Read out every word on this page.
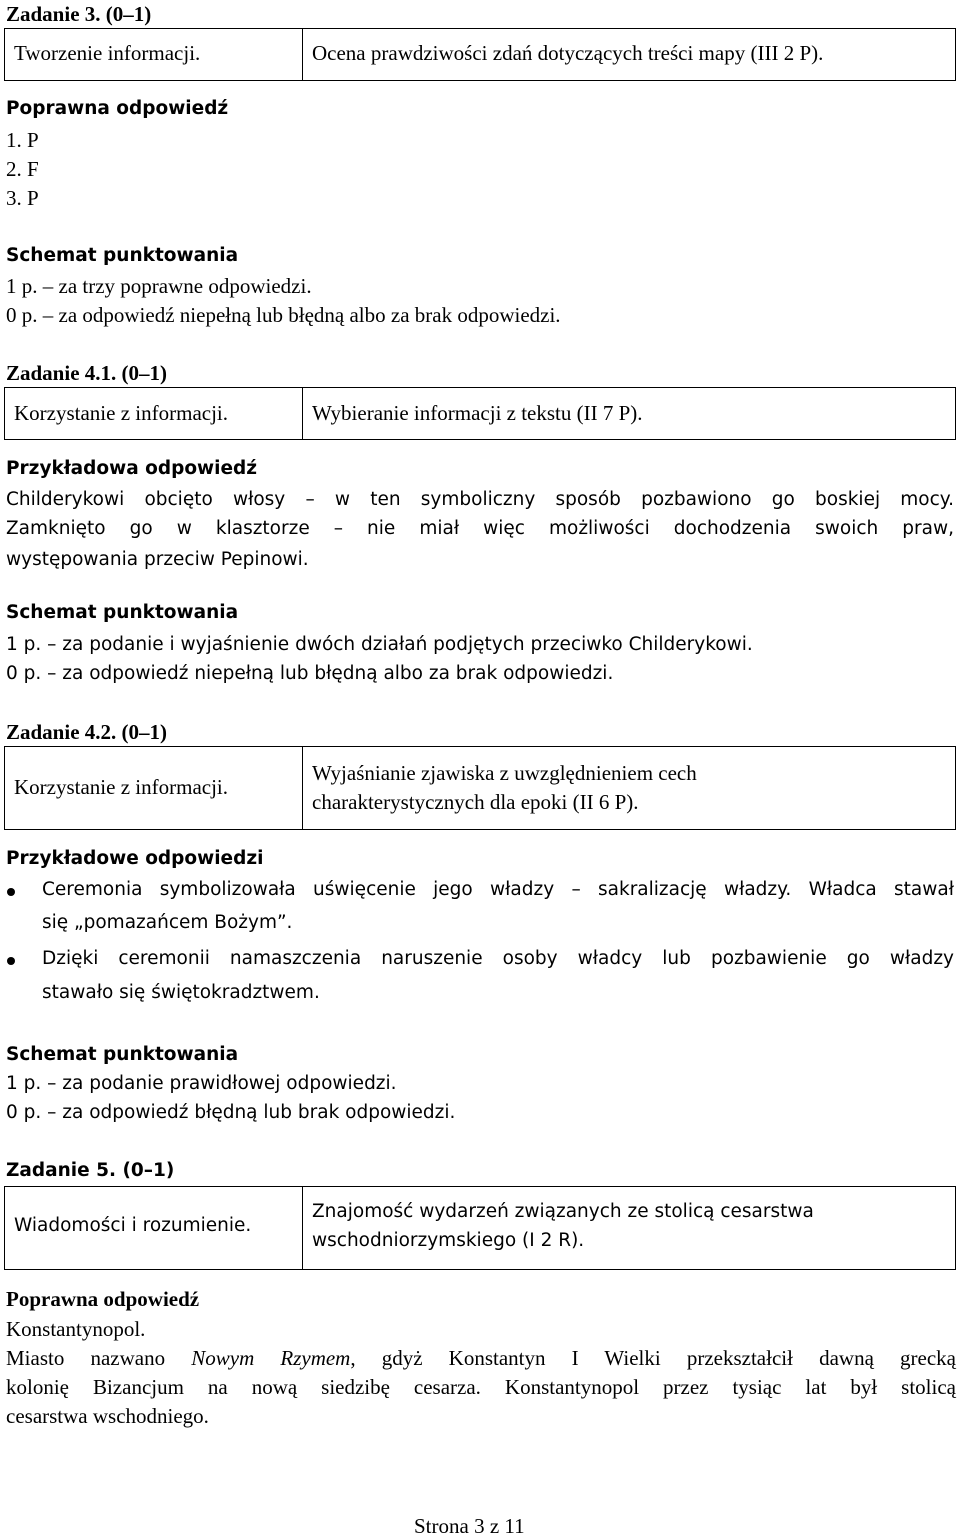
Zadanie 3. (0–1)
Tworzenie informacji.	Ocena prawdziwości zdań dotyczących treści mapy (III 2 P).
Poprawna odpowiedź
1. P
2. F
3. P
Schemat punktowania
1 p. – za trzy poprawne odpowiedzi.
0 p. – za odpowiedź niepełną lub błędną albo za brak odpowiedzi.
Zadanie 4.1. (0–1)
Korzystanie z informacji.	Wybieranie informacji z tekstu (II 7 P).
Przykładowa odpowiedź
Childerykowi obcięto włosy – w ten symboliczny sposób pozbawiono go boskiej mocy.
Zamknięto go w klasztorze – nie miał więc możliwości dochodzenia swoich praw,
występowania przeciw Pepinowi.
Schemat punktowania
1 p. – za podanie i wyjaśnienie dwóch działań podjętych przeciwko Childerykowi.
0 p. – za odpowiedź niepełną lub błędną albo za brak odpowiedzi.
Zadanie 4.2. (0–1)
Korzystanie z informacji.
Wyjaśnianie zjawiska z uwzględnieniem cech
charakterystycznych dla epoki (II 6 P).
Przykładowe odpowiedzi
Ceremonia symbolizowała uświęcenie jego władzy – sakralizację władzy. Władca stawał
się „pomazańcem Bożym”.
Dzięki ceremonii namaszczenia naruszenie osoby władcy lub pozbawienie go władzy
stawało się świętokradztwem.
Schemat punktowania
1 p. – za podanie prawidłowej odpowiedzi.
0 p. – za odpowiedź błędną lub brak odpowiedzi.
Zadanie 5. (0–1)
Wiadomości i rozumienie.
Znajomość wydarzeń związanych ze stolicą cesarstwa
wschodniorzymskiego (I 2 R).
Poprawna odpowiedź
Konstantynopol.
Miasto nazwano Nowym Rzymem, gdyż Konstantyn I Wielki przekształcił dawną grecką
kolonię Bizancjum na nową siedzibę cesarza. Konstantynopol przez tysiąc lat był stolicą
cesarstwa wschodniego.
Strona 3 z 11
